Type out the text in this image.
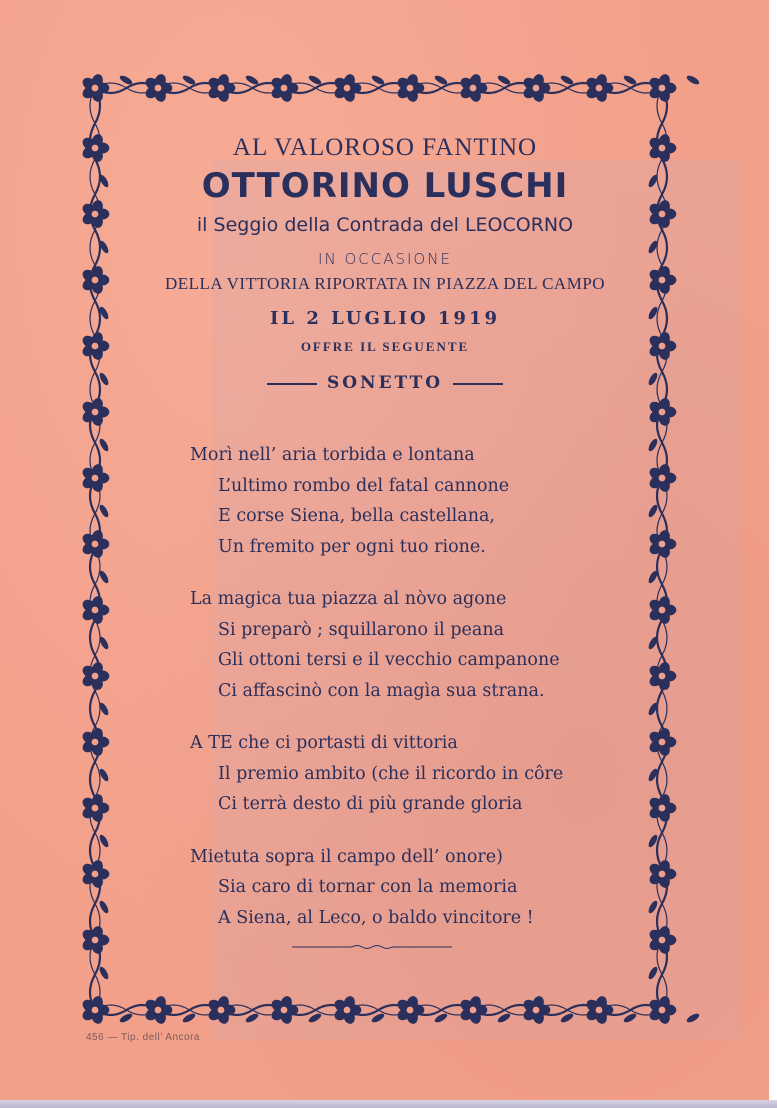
AL VALOROSO FANTINO
OTTORINO LUSCHI
il Seggio della Contrada del LEOCORNO
IN OCCASIONE
DELLA VITTORIA RIPORTATA IN PIAZZA DEL CAMPO
IL 2 LUGLIO 1919
OFFRE IL SEGUENTE
SONETTO
Morì nell’ aria torbida e lontana
L’ultimo rombo del fatal cannone
E corse Siena, bella castellana,
Un fremito per ogni tuo rione.
La magica tua piazza al nòvo agone
Si preparò ; squillarono il peana
Gli ottoni tersi e il vecchio campanone
Ci affascinò con la magìa sua strana.
A TE che ci portasti di vittoria
Il premio ambito (che il ricordo in côre
Ci terrà desto di più grande gloria
Mietuta sopra il campo dell’ onore)
Sia caro di tornar con la memoria
A Siena, al Leco, o baldo vincitore !
456 — Tip. dell’ Ancora
